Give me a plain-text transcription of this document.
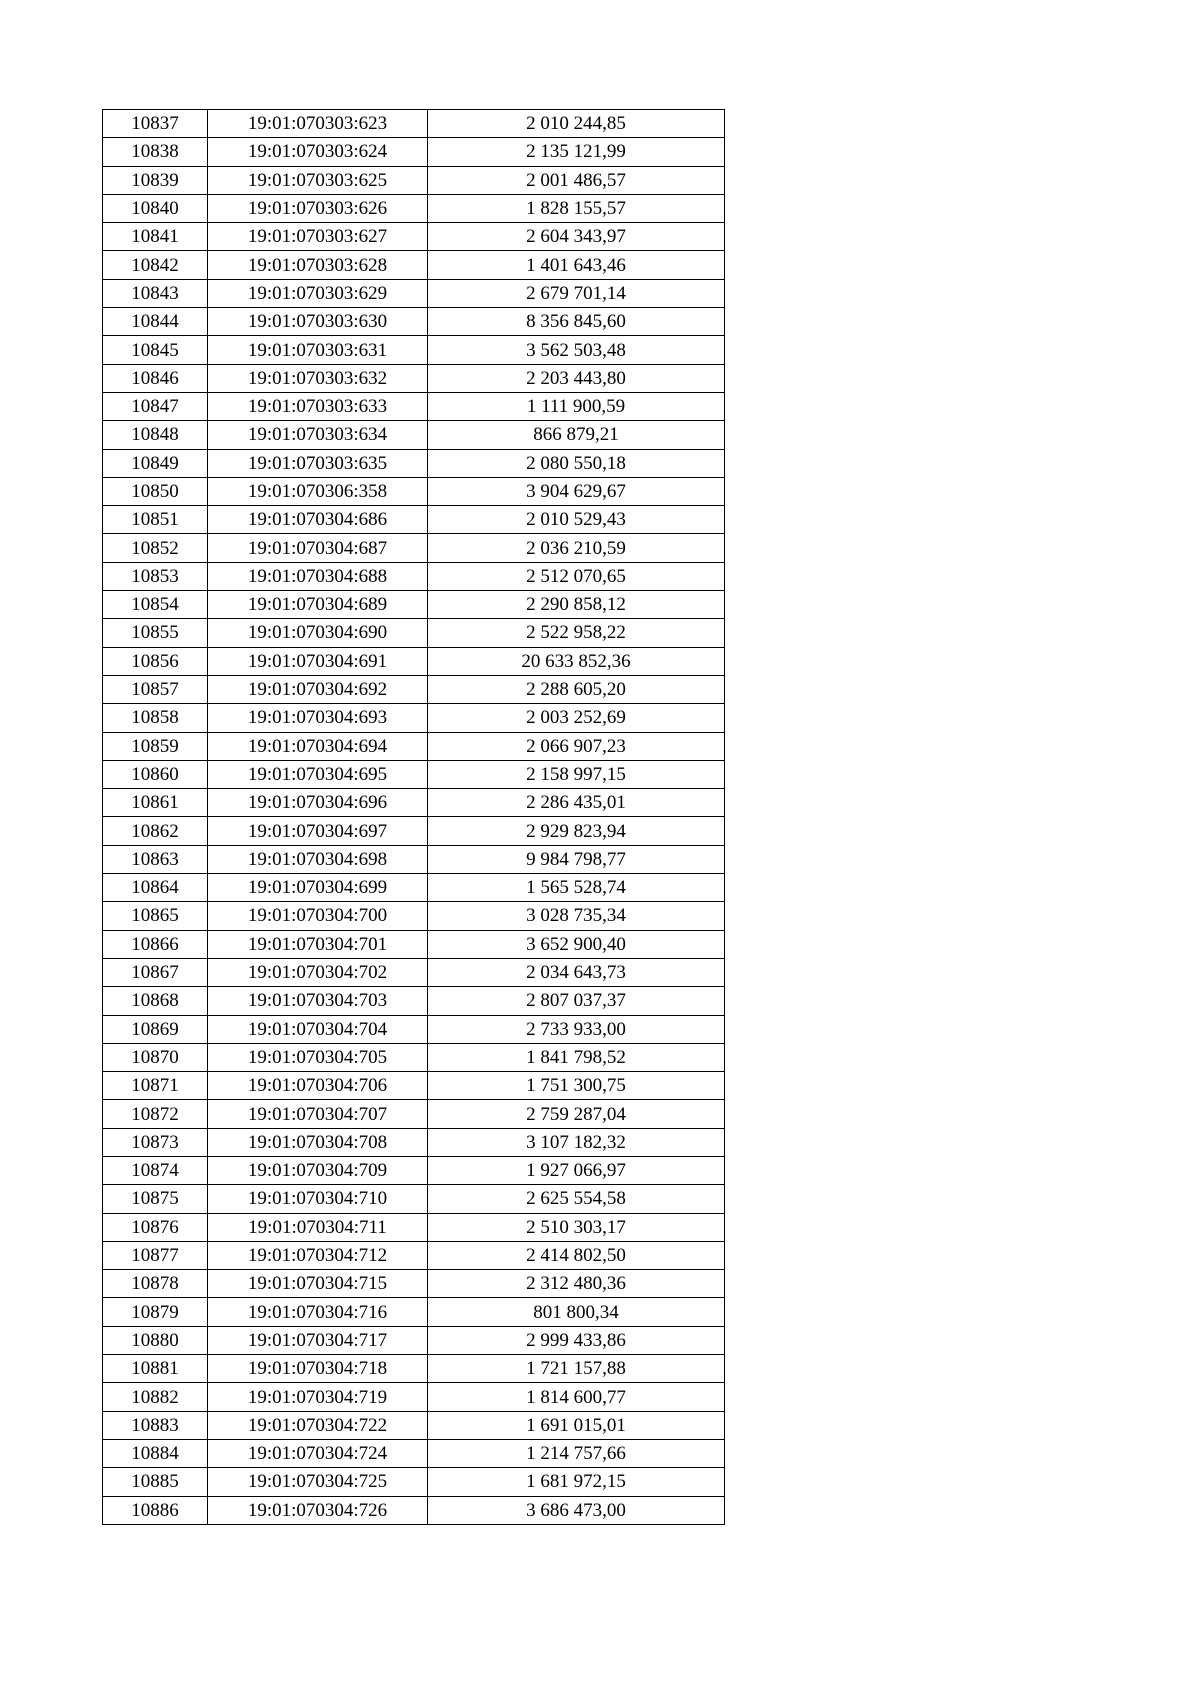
10837	19:01:070303:623	2 010 244,85
10838	19:01:070303:624	2 135 121,99
10839	19:01:070303:625	2 001 486,57
10840	19:01:070303:626	1 828 155,57
10841	19:01:070303:627	2 604 343,97
10842	19:01:070303:628	1 401 643,46
10843	19:01:070303:629	2 679 701,14
10844	19:01:070303:630	8 356 845,60
10845	19:01:070303:631	3 562 503,48
10846	19:01:070303:632	2 203 443,80
10847	19:01:070303:633	1 111 900,59
10848	19:01:070303:634	866 879,21
10849	19:01:070303:635	2 080 550,18
10850	19:01:070306:358	3 904 629,67
10851	19:01:070304:686	2 010 529,43
10852	19:01:070304:687	2 036 210,59
10853	19:01:070304:688	2 512 070,65
10854	19:01:070304:689	2 290 858,12
10855	19:01:070304:690	2 522 958,22
10856	19:01:070304:691	20 633 852,36
10857	19:01:070304:692	2 288 605,20
10858	19:01:070304:693	2 003 252,69
10859	19:01:070304:694	2 066 907,23
10860	19:01:070304:695	2 158 997,15
10861	19:01:070304:696	2 286 435,01
10862	19:01:070304:697	2 929 823,94
10863	19:01:070304:698	9 984 798,77
10864	19:01:070304:699	1 565 528,74
10865	19:01:070304:700	3 028 735,34
10866	19:01:070304:701	3 652 900,40
10867	19:01:070304:702	2 034 643,73
10868	19:01:070304:703	2 807 037,37
10869	19:01:070304:704	2 733 933,00
10870	19:01:070304:705	1 841 798,52
10871	19:01:070304:706	1 751 300,75
10872	19:01:070304:707	2 759 287,04
10873	19:01:070304:708	3 107 182,32
10874	19:01:070304:709	1 927 066,97
10875	19:01:070304:710	2 625 554,58
10876	19:01:070304:711	2 510 303,17
10877	19:01:070304:712	2 414 802,50
10878	19:01:070304:715	2 312 480,36
10879	19:01:070304:716	801 800,34
10880	19:01:070304:717	2 999 433,86
10881	19:01:070304:718	1 721 157,88
10882	19:01:070304:719	1 814 600,77
10883	19:01:070304:722	1 691 015,01
10884	19:01:070304:724	1 214 757,66
10885	19:01:070304:725	1 681 972,15
10886	19:01:070304:726	3 686 473,00
